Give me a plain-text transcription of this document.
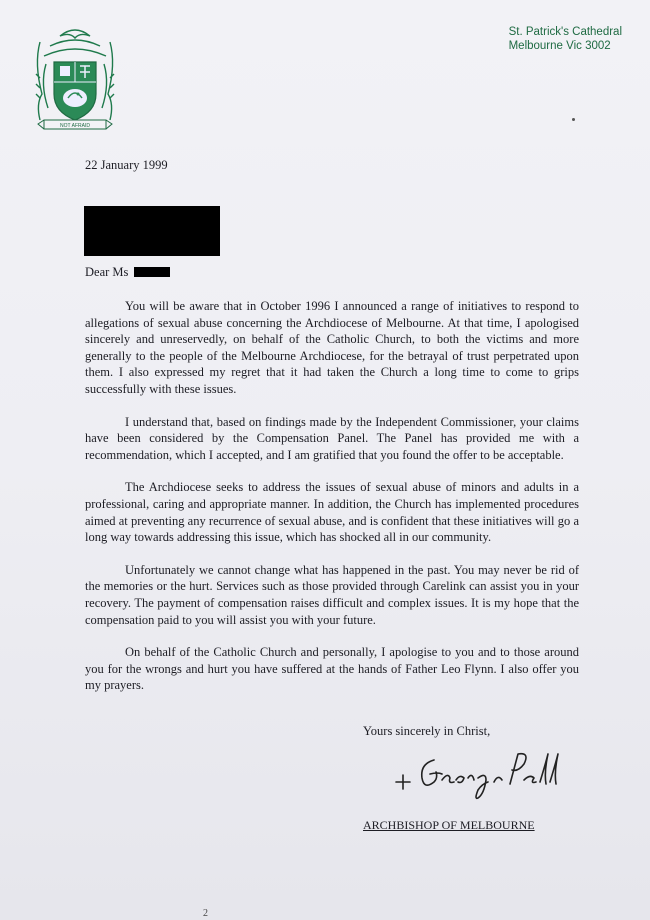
NOT AFRAID
St. Patrick's Cathedral
Melbourne Vic 3002
22 January 1999
Dear Ms

You will be aware that in October 1996 I announced a range of initiatives to respond to allegations of sexual abuse concerning the Archdiocese of Melbourne. At that time, I apologised sincerely and unreservedly, on behalf of the Catholic Church, to both the victims and more generally to the people of the Melbourne Archdiocese, for the betrayal of trust perpetrated upon them. I also expressed my regret that it had taken the Church a long time to come to grips successfully with these issues.

I understand that, based on findings made by the Independent Commissioner, your claims have been considered by the Compensation Panel. The Panel has provided me with a recommendation, which I accepted, and I am gratified that you found the offer to be acceptable.

The Archdiocese seeks to address the issues of sexual abuse of minors and adults in a professional, caring and appropriate manner. In addition, the Church has implemented procedures aimed at preventing any recurrence of sexual abuse, and is confident that these initiatives will go a long way towards addressing this issue, which has shocked all in our community.

Unfortunately we cannot change what has happened in the past. You may never be rid of the memories or the hurt. Services such as those provided through Carelink can assist you in your recovery. The payment of compensation raises difficult and complex issues. It is my hope that the compensation paid to you will assist you with your future.

On behalf of the Catholic Church and personally, I apologise to you and to those around you for the wrongs and hurt you have suffered at the hands of Father Leo Flynn. I also offer you my prayers.

Yours sincerely in Christ,
ARCHBISHOP OF MELBOURNE
2
